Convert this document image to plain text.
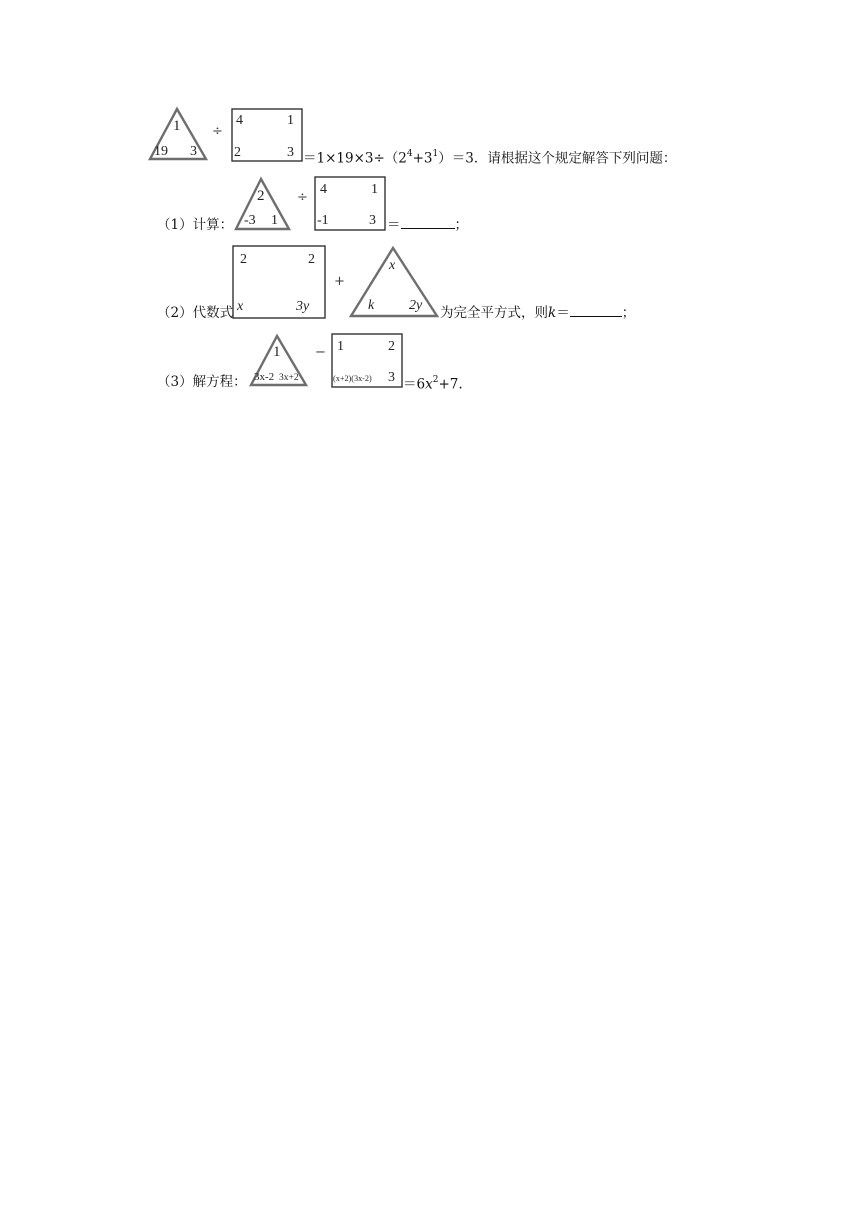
1
19 3
÷
4	1
2	$3 =1\times 19\times 3\div(2^4+3^1)=3$．请根据这个规定解答下列问题：
（1）计算：
2
-3 1
÷
4	1
-1	3 ＝	；
（2）代数式
2	2
x	3y
+
x
k 2y 为完全平方式，则k＝	；
（3）解方程：
1
3x-2 3x+2
− 1	2
(x+2)(3x-2) $3 =6x^2+7$.
